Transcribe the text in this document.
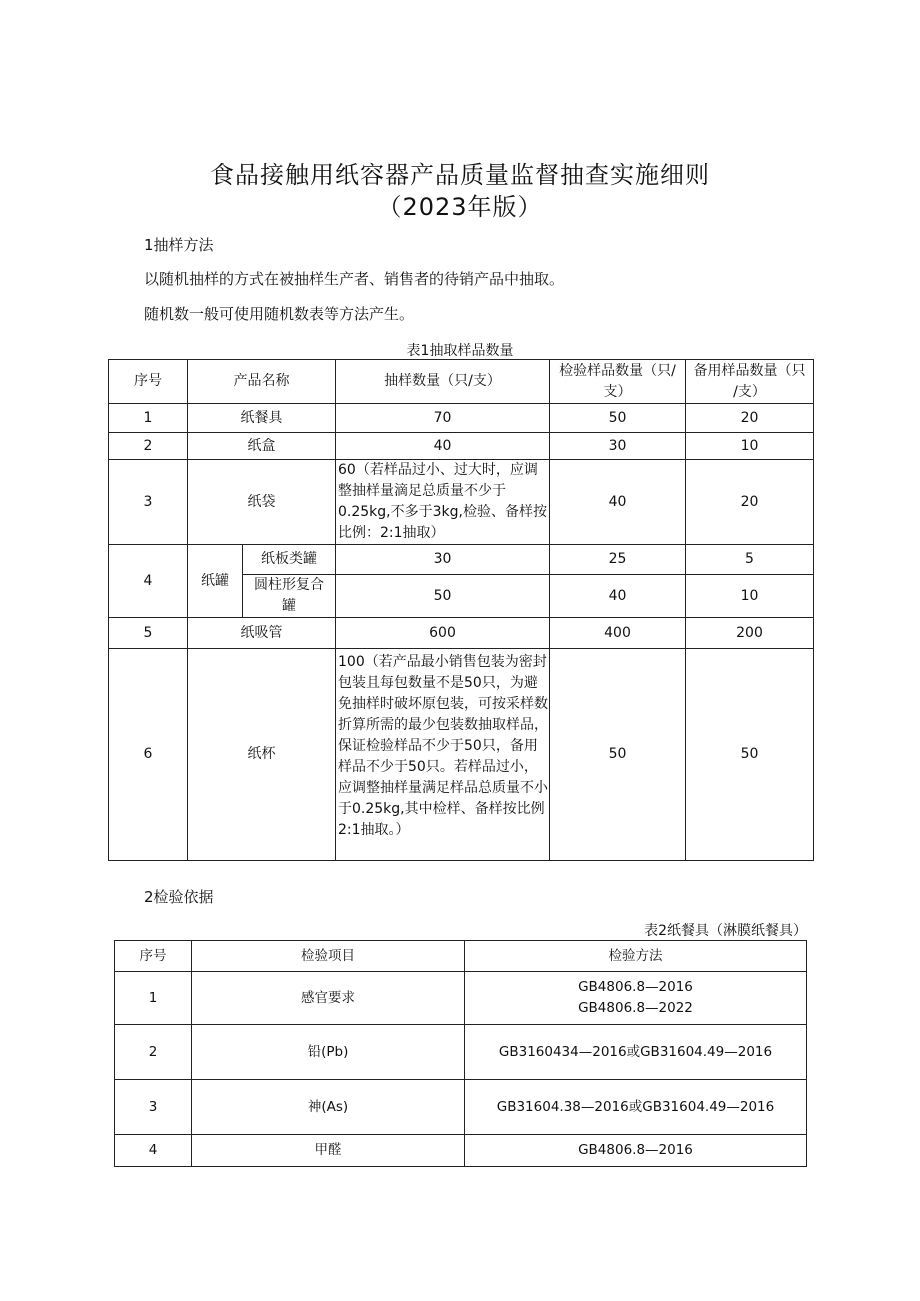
食品接触用纸容器产品质量监督抽查实施细则
（2023年版）
1抽样方法
以随机抽样的方式在被抽样生产者、销售者的待销产品中抽取。
随机数一般可使用随机数表等方法产生。
表1抽取样品数量
序号	产品名称		抽样数量（只/支）	检验样品数量（只/
支）	备用样品数量（只
/支）

1	纸餐具		70	50	20
2	纸盒		40	30	10
3	纸袋		60（若样品过小、过大时，应调整抽样量滴足总质量不少于0.25kg,不多于3kg,检验、备样按比例：2:1抽取）	40	20
4	纸罐	纸板类罐	30	25	5
		圆柱形复合罐	50	40	10
5	纸吸管		600	400	200
6	纸杯		100（若产品最小销售包装为密封包装且每包数量不是50只，为避免抽样时破坏原包装，可按采样数折算所需的最少包装数抽取样品，保证检验样品不少于50只，备用样品不少于50只。若样品过小，应调整抽样量满足样品总质量不小于0.25kg,其中检样、备样按比例2:1抽取。）	50	50
2检验依据
表2纸餐具（淋膜纸餐具）
序号	检验项目	检验方法
1	感官要求	GB4806.8—2016
GB4806.8—2022

2	铅(Pb)	GB3160434—2016或GB31604.49—2016
3	神(As)	GB31604.38—2016或GB31604.49—2016
4	甲醛	GB4806.8—2016
